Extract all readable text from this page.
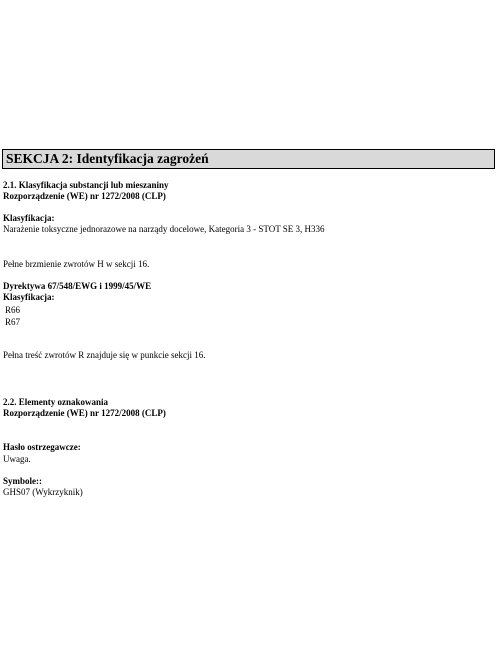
SEKCJA 2: Identyfikacja zagrożeń
2.1. Klasyfikacja substancji lub mieszaniny
Rozporządzenie (WE) nr 1272/2008 (CLP)
Klasyfikacja:
Narażenie toksyczne jednorazowe na narządy docelowe, Kategoria 3 - STOT SE 3, H336
Pełne brzmienie zwrotów H w sekcji 16.
Dyrektywa 67/548/EWG i 1999/45/WE
Klasyfikacja:
R66
R67
Pełna treść zwrotów R znajduje się w punkcie sekcji 16.
2.2. Elementy oznakowania
Rozporządzenie (WE) nr 1272/2008 (CLP)
Hasło ostrzegawcze:
Uwaga.
Symbole::
GHS07 (Wykrzyknik)
